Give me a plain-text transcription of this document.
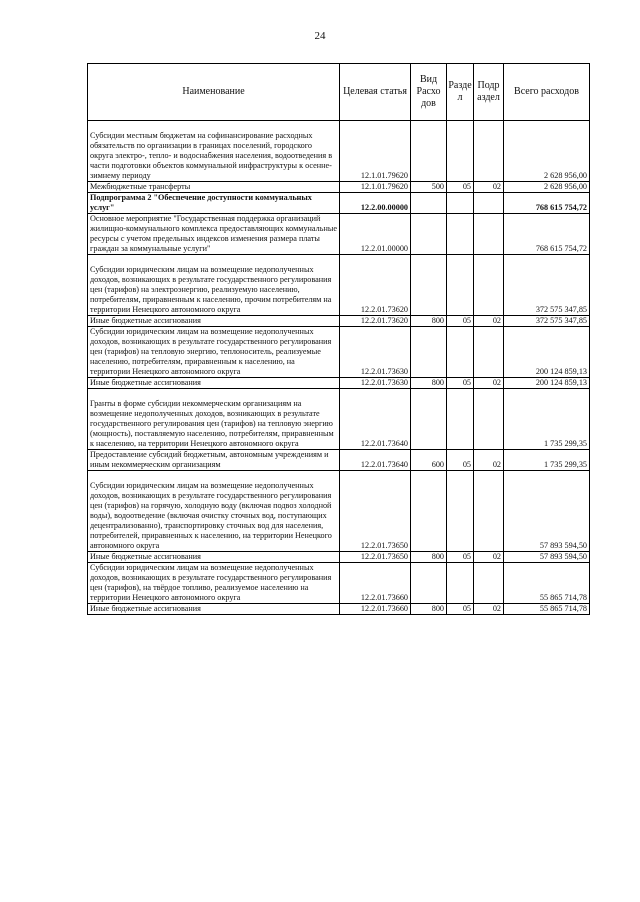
24
Наименование	Целевая статья	Вид Расхо дов	Разде л	Подр аздел	Всего расходов
Субсидии местным бюджетам на софинансирование расходных обязательств по организации в границах поселений, городского округа электро-, тепло- и водоснабжения населения, водоотведения в части подготовки объектов коммунальной инфраструктуры к осенне-зимнему периоду	12.1.01.79620				2 628 956,00
Межбюджетные трансферты	12.1.01.79620	500	05	02	2 628 956,00
Подпрограмма 2 "Обеспечение доступности коммунальных услуг"	12.2.00.00000				768 615 754,72
Основное мероприятие "Государственная поддержка организаций жилищно-коммунального комплекса предоставляющих коммунальные ресурсы с учетом предельных индексов изменения размера платы граждан за коммунальные услуги"	12.2.01.00000				768 615 754,72
Субсидии юридическим лицам на возмещение недополученных доходов, возникающих в результате государственного регулирования цен (тарифов) на электроэнергию, реализуемую населению, потребителям, приравненным к населению, прочим потребителям на территории Ненецкого автономного округа	12.2.01.73620				372 575 347,85
Иные бюджетные ассигнования	12.2.01.73620	800	05	02	372 575 347,85
Субсидии юридическим лицам на возмещение недополученных доходов, возникающих в результате государственного регулирования цен (тарифов) на тепловую энергию, теплоноситель, реализуемые населению, потребителям, приравненным к населению, на территории Ненецкого автономного округа	12.2.01.73630				200 124 859,13
Иные бюджетные ассигнования	12.2.01.73630	800	05	02	200 124 859,13
Гранты в форме субсидии некоммерческим организациям на возмещение недополученных доходов, возникающих в результате государственного регулирования цен (тарифов) на тепловую энергию (мощность), поставляемую населению, потребителям, приравненным к населению, на территории Ненецкого автономного округа	12.2.01.73640				1 735 299,35
Предоставление субсидий бюджетным, автономным учреждениям и иным некоммерческим организациям	12.2.01.73640	600	05	02	1 735 299,35
Субсидии юридическим лицам на возмещение недополученных доходов, возникающих в результате государственного регулирования цен (тарифов) на горячую, холодную воду (включая подвоз холодной воды), водоотведение (включая очистку сточных вод, поступающих децентрализованно), транспортировку сточных вод для населения, потребителей, приравненных к населению, на территории Ненецкого автономного округа	12.2.01.73650				57 893 594,50
Иные бюджетные ассигнования	12.2.01.73650	800	05	02	57 893 594,50
Субсидии юридическим лицам на возмещение недополученных доходов, возникающих в результате государственного регулирования цен (тарифов), на твёрдое топливо, реализуемое населению на территории Ненецкого автономного округа	12.2.01.73660				55 865 714,78
Иные бюджетные ассигнования	12.2.01.73660	800	05	02	55 865 714,78
